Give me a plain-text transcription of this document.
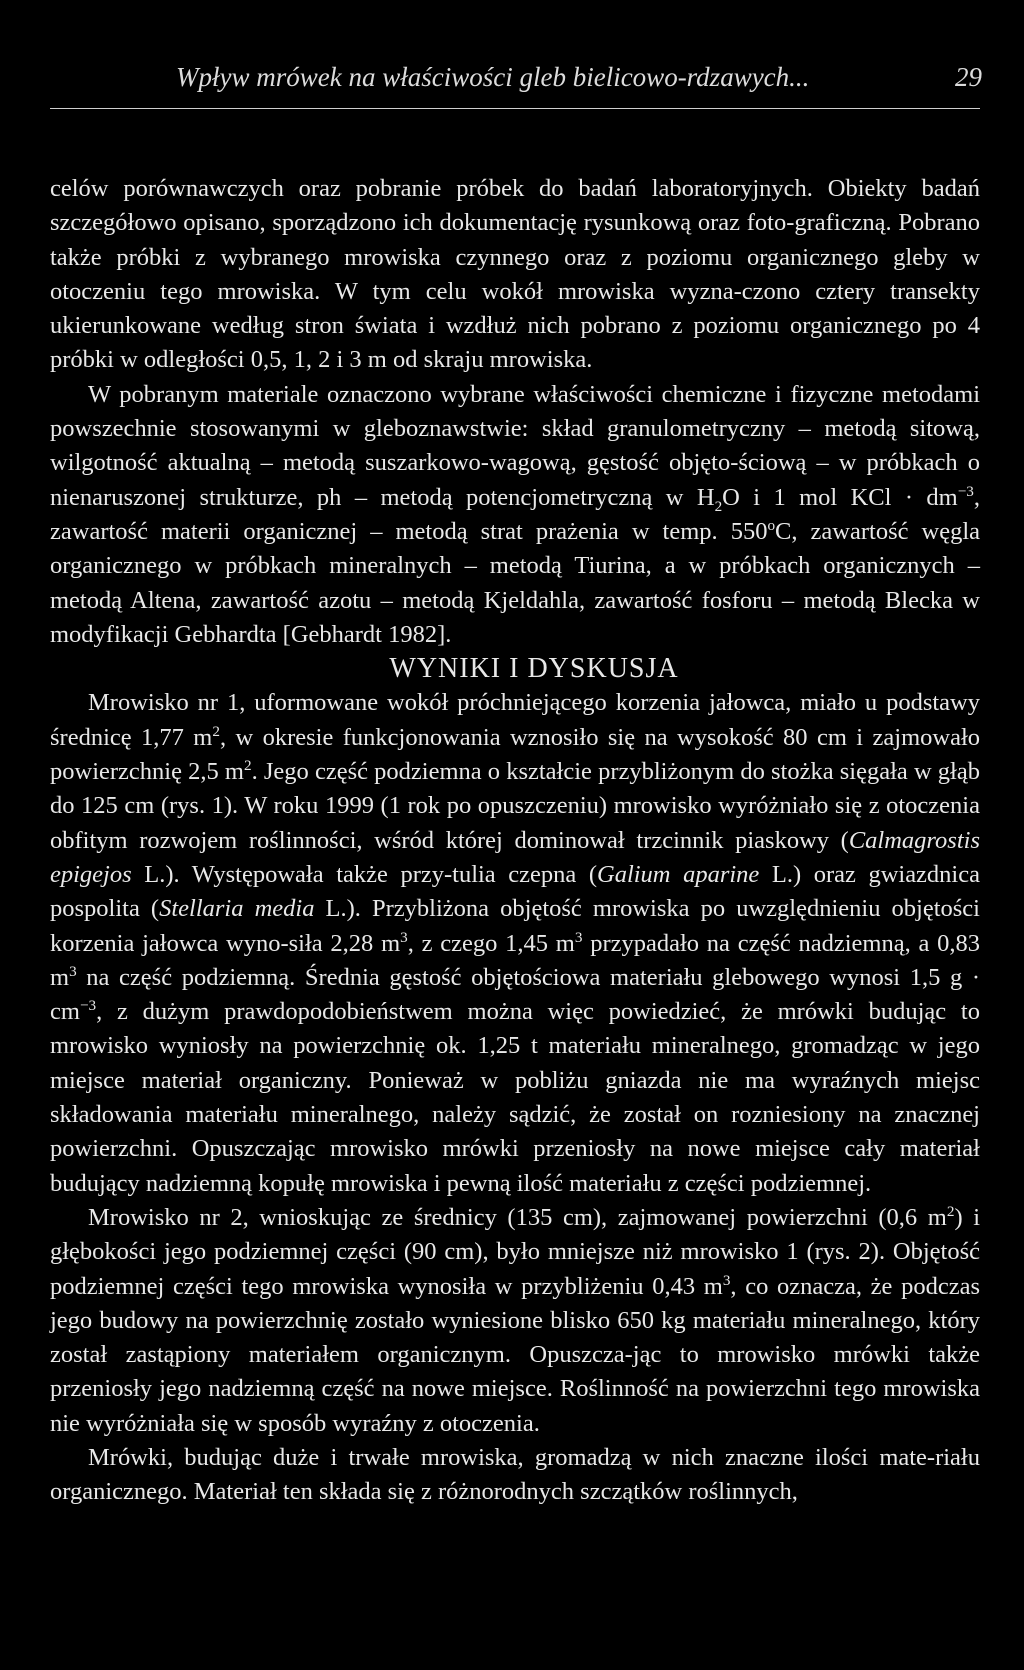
Wpływ mrówek na właściwości gleb bielicowo-rdzawych...	29

celów porównawczych oraz pobranie próbek do badań laboratoryjnych. Obiekty badań szczegółowo opisano, sporządzono ich dokumentację rysunkową oraz foto-graficzną. Pobrano także próbki z wybranego mrowiska czynnego oraz z poziomu organicznego gleby w otoczeniu tego mrowiska. W tym celu wokół mrowiska wyzna-czono cztery transekty ukierunkowane według stron świata i wzdłuż nich pobrano z poziomu organicznego po 4 próbki w odległości 0,5, 1, 2 i 3 m od skraju mrowiska.

W pobranym materiale oznaczono wybrane właściwości chemiczne i fizyczne metodami powszechnie stosowanymi w gleboznawstwie: skład granulometryczny – metodą sitową, wilgotność aktualną – metodą suszarkowo-wagową, gęstość objęto-ściową – w próbkach o nienaruszonej strukturze, ph – metodą potencjometryczną w $H_2O$ i 1 mol KCl · $dm^{-3}$, zawartość materii organicznej – metodą strat prażenia w temp. 550$^o$C, zawartość węgla organicznego w próbkach mineralnych – metodą Tiurina, a w próbkach organicznych – metodą Altena, zawartość azotu – metodą Kjeldahla, zawartość fosforu – metodą Blecka w modyfikacji Gebhardta [Gebhardt 1982].

WYNIKI I DYSKUSJA

Mrowisko nr 1, uformowane wokół próchniejącego korzenia jałowca, miało u podstawy średnicę 1,77 $m^2$, w okresie funkcjonowania wznosiło się na wysokość 80 cm i zajmowało powierzchnię 2,5 $m^2$. Jego część podziemna o kształcie przybliżonym do stożka sięgała w głąb do 125 cm (rys. 1). W roku 1999 (1 rok po opuszczeniu) mrowisko wyróżniało się z otoczenia obfitym rozwojem roślinności, wśród której dominował trzcinnik piaskowy (Calmagrostis epigejos L.). Występowała także przy-tulia czepna (Galium aparine L.) oraz gwiazdnica pospolita (Stellaria media L.). Przybliżona objętość mrowiska po uwzględnieniu objętości korzenia jałowca wyno-siła 2,28 $m^3$, z czego 1,45 $m^3$ przypadało na część nadziemną, a 0,83 $m^3$ na część podziemną. Średnia gęstość objętościowa materiału glebowego wynosi 1,5 $g \cdot cm^{-3}$, z dużym prawdopodobieństwem można więc powiedzieć, że mrówki budując to mrowisko wyniosły na powierzchnię ok. 1,25 t materiału mineralnego, gromadząc w jego miejsce materiał organiczny. Ponieważ w pobliżu gniazda nie ma wyraźnych miejsc składowania materiału mineralnego, należy sądzić, że został on rozniesiony na znacznej powierzchni. Opuszczając mrowisko mrówki przeniosły na nowe miejsce cały materiał budujący nadziemną kopułę mrowiska i pewną ilość materiału z części podziemnej.

Mrowisko nr 2, wnioskując ze średnicy (135 cm), zajmowanej powierzchni (0,6 $m^2$) i głębokości jego podziemnej części (90 cm), było mniejsze niż mrowisko 1 (rys. 2). Objętość podziemnej części tego mrowiska wynosiła w przybliżeniu 0,43 $m^3$, co oznacza, że podczas jego budowy na powierzchnię zostało wyniesione blisko 650 kg materiału mineralnego, który został zastąpiony materiałem organicznym. Opuszcza-jąc to mrowisko mrówki także przeniosły jego nadziemną część na nowe miejsce. Roślinność na powierzchni tego mrowiska nie wyróżniała się w sposób wyraźny z otoczenia.

Mrówki, budując duże i trwałe mrowiska, gromadzą w nich znaczne ilości mate-riału organicznego. Materiał ten składa się z różnorodnych szczątków roślinnych,
